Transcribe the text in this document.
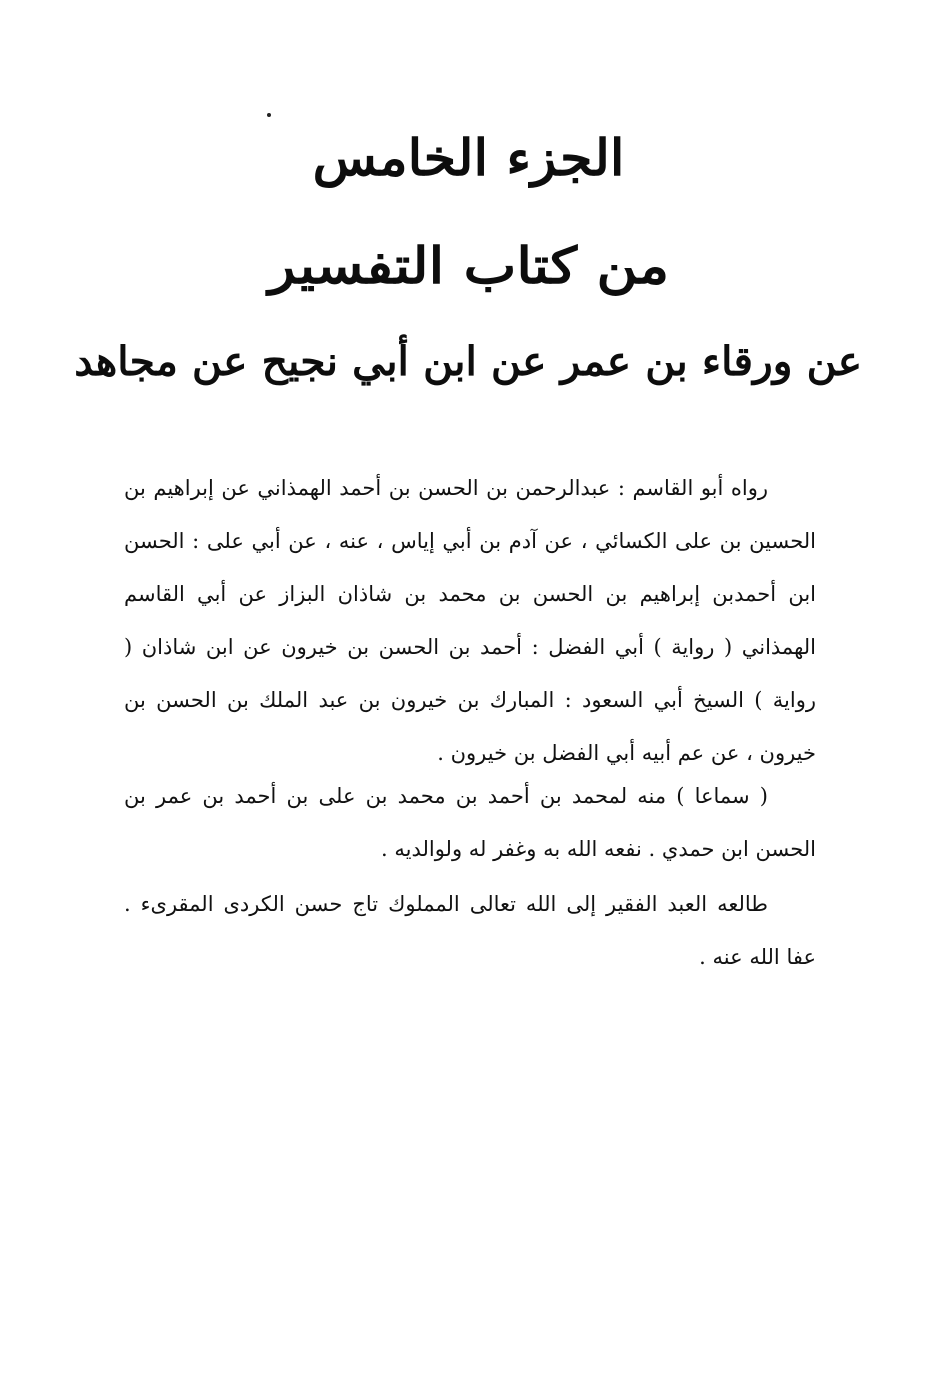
الجزء الخامس
من كتاب التفسير
عن ورقاء بن عمر عن ابن أبي نجيح عن مجاهد

رواه أبو القاسم : عبدالرحمن بن الحسن بن أحمد الهمذاني عن إبراهيم بن الحسين بن على الكسائي ، عن آدم بن أبي إياس ، عنه ، عن أبي على : الحسن ابن أحمدبن إبراهيم بن الحسن بن محمد بن شاذان البزاز عن أبي القاسم الهمذاني ( رواية ) أبي الفضل : أحمد بن الحسن بن خيرون عن ابن شاذان ( رواية ) السيخ أبي السعود : المبارك بن خيرون بن عبد الملك بن الحسن بن خيرون ، عن عم أبيه أبي الفضل بن خيرون .

( سماعا ) منه لمحمد بن أحمد بن محمد بن على بن أحمد بن عمر بن الحسن ابن حمدي . نفعه الله به وغفر له ولوالديه .

طالعه العبد الفقير إلى الله تعالى المملوك تاج حسن الكردى المقرىء . عفا الله عنه .
